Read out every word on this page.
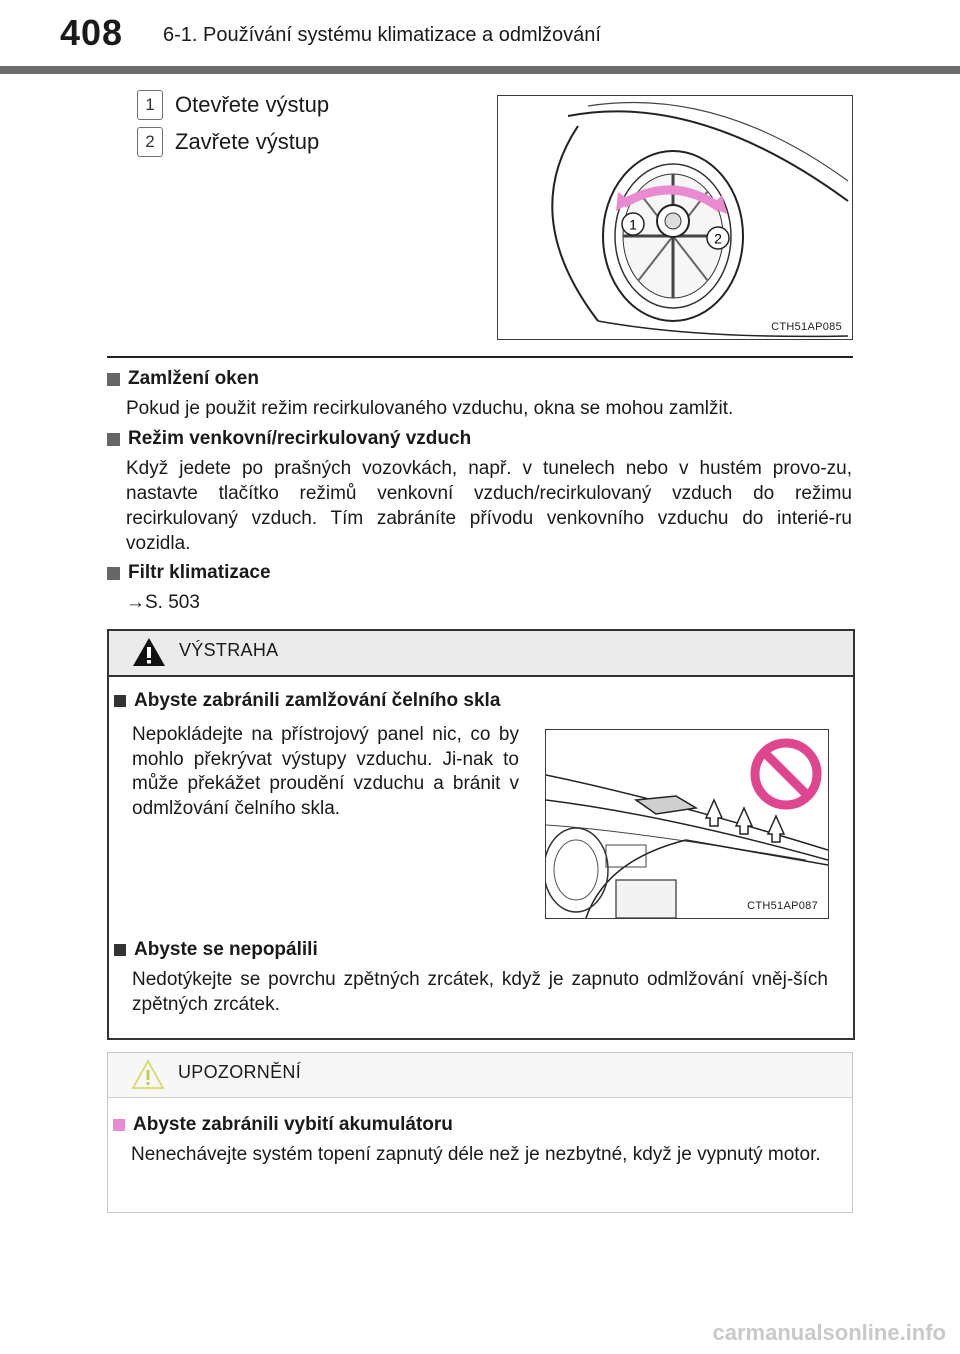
408 6-1. Používání systému klimatizace a odmlžování
1 Otevřete výstup
2 Zavřete výstup
1
2
CTH51AP085
Zamlžení oken
Pokud je použit režim recirkulovaného vzduchu, okna se mohou zamlžit.
Režim venkovní/recirkulovaný vzduch
Když jedete po prašných vozovkách, např. v tunelech nebo v hustém provo-zu, nastavte tlačítko režimů venkovní vzduch/recirkulovaný vzduch do režimu recirkulovaný vzduch. Tím zabráníte přívodu venkovního vzduchu do interié-ru vozidla.
Filtr klimatizace
→S. 503
VÝSTRAHA
Abyste zabránili zamlžování čelního skla
Nepokládejte na přístrojový panel nic, co by mohlo překrývat výstupy vzduchu. Ji-nak to může překážet proudění vzduchu a bránit v odmlžování čelního skla.
CTH51AP087
Abyste se nepopálili
Nedotýkejte se povrchu zpětných zrcátek, když je zapnuto odmlžování vněj-ších zpětných zrcátek.
UPOZORNĚNÍ
Abyste zabránili vybití akumulátoru
Nenechávejte systém topení zapnutý déle než je nezbytné, když je vypnutý motor.
carmanualsonline.info
